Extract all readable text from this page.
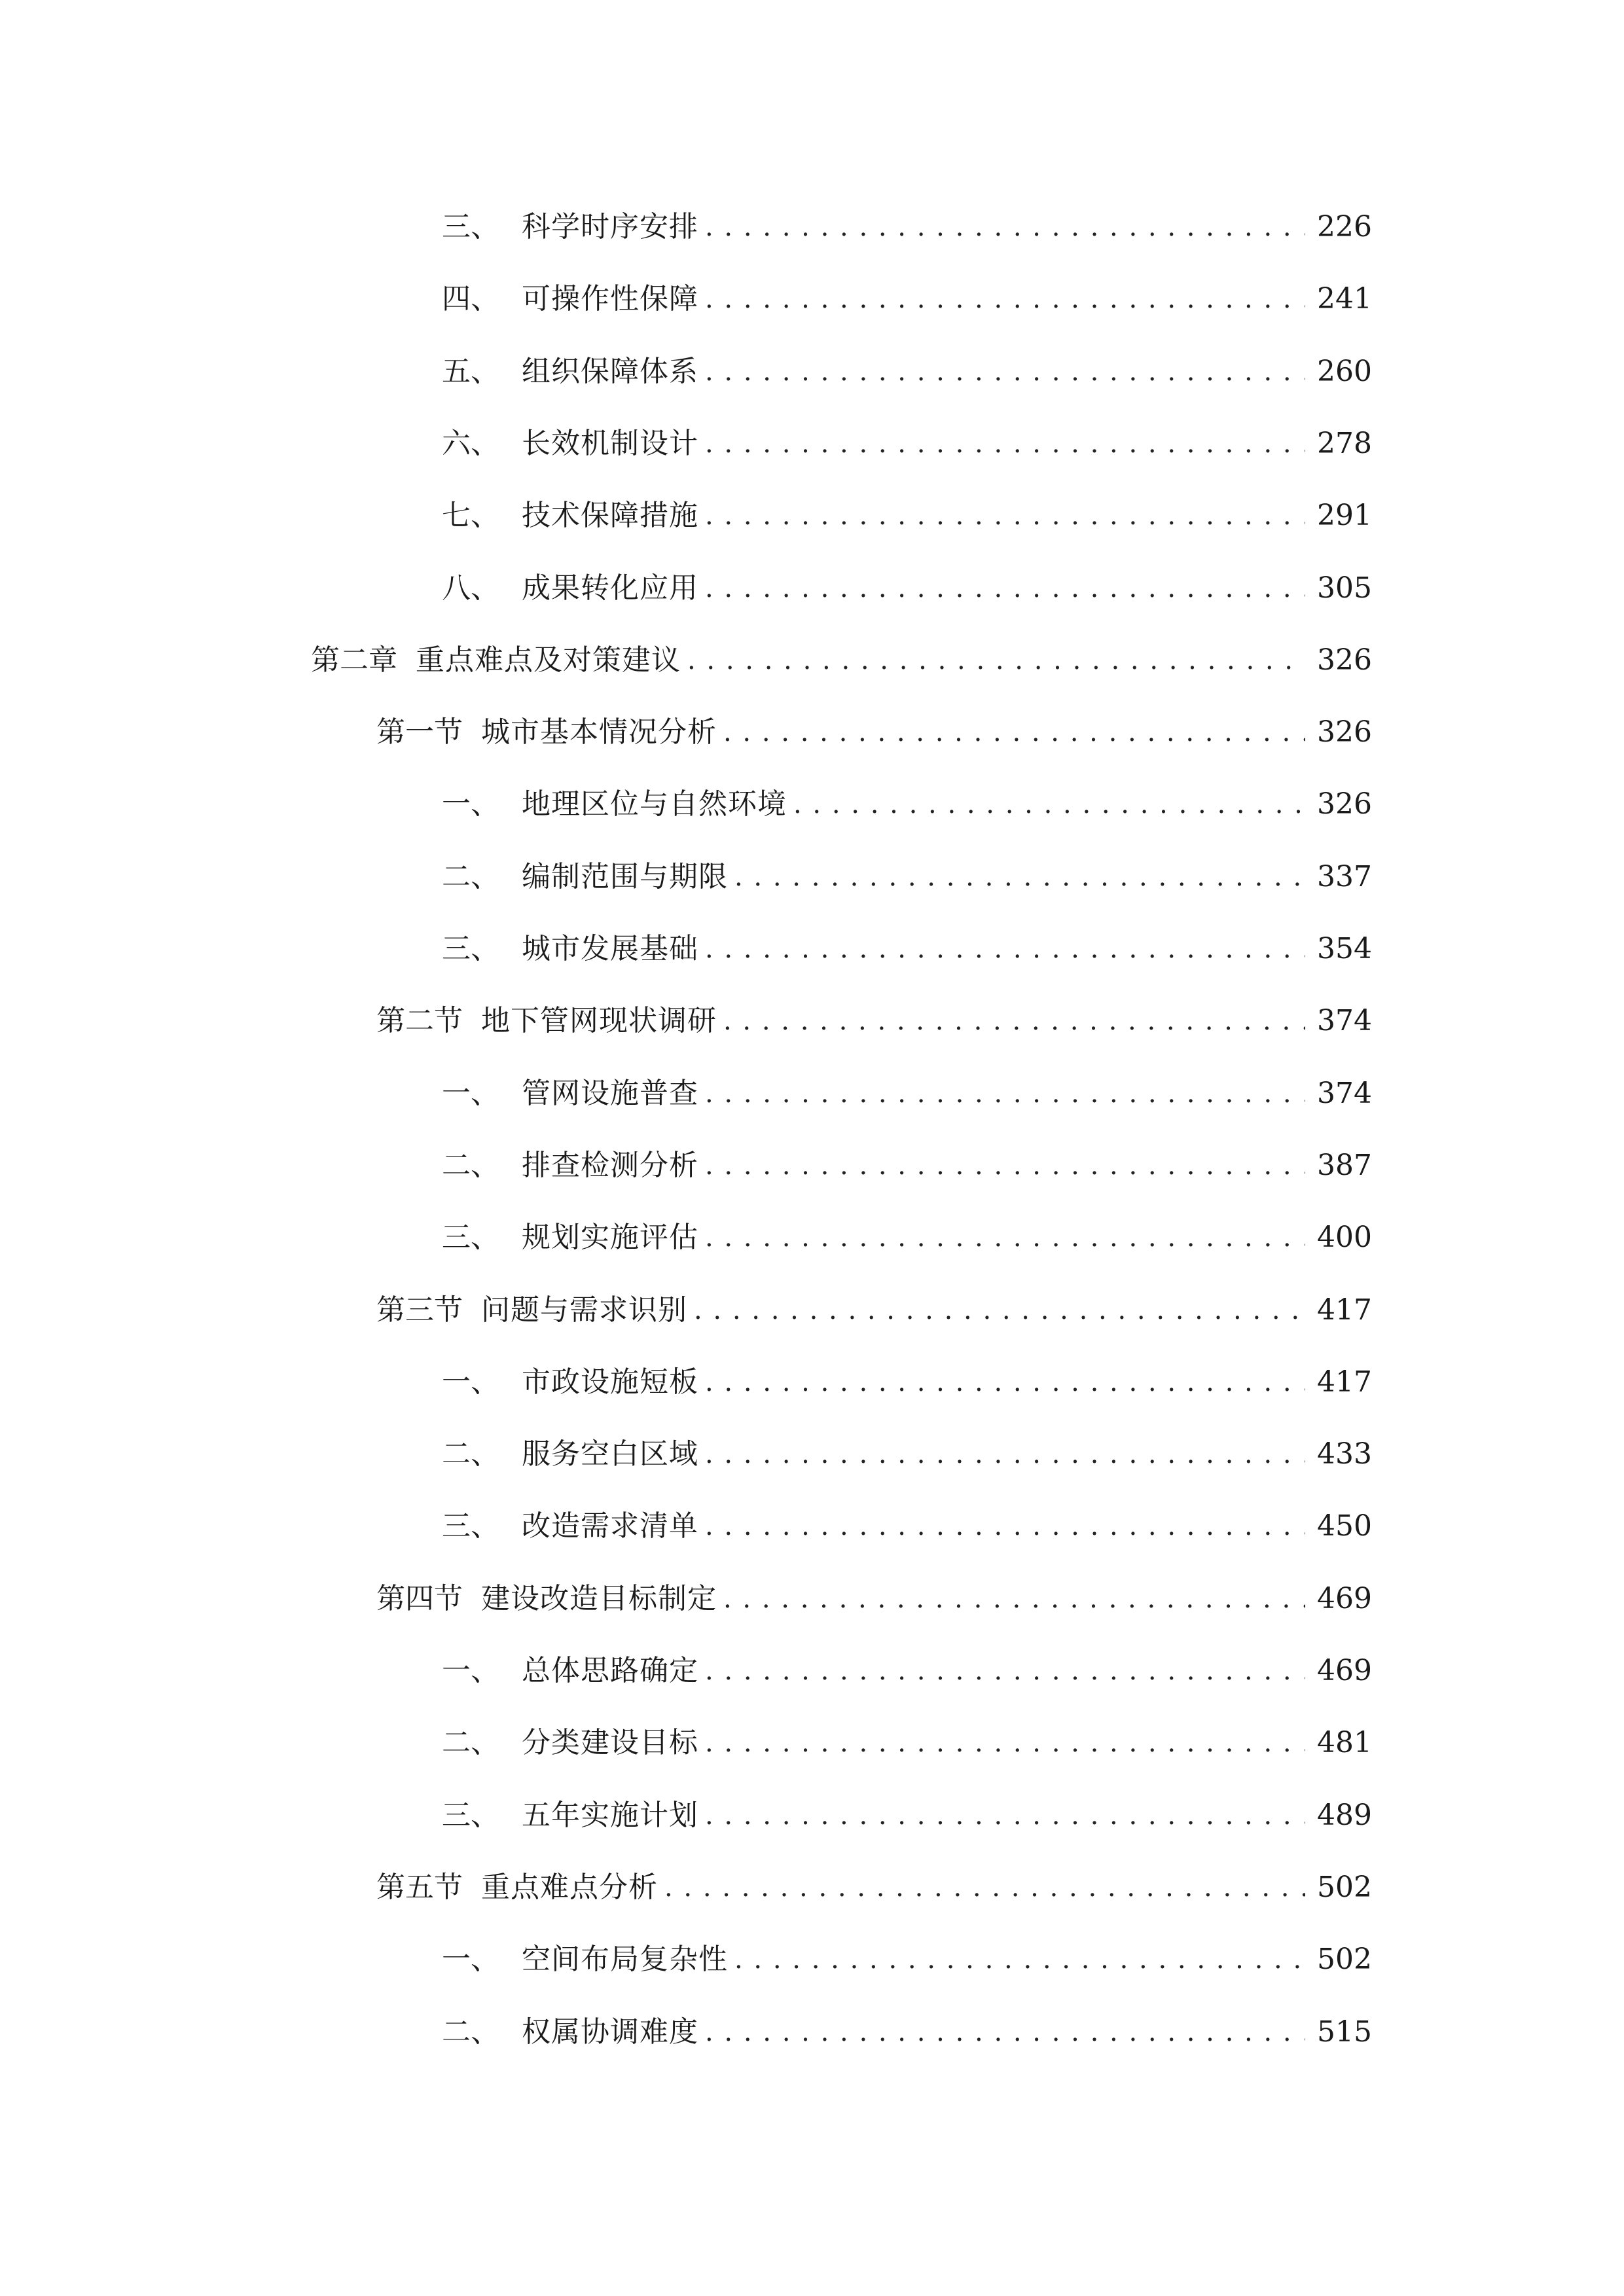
三、 科学时序安排 . . .	226
四、 可操作性保障 . . .	241
五、 组织保障体系 . . .	260
六、 长效机制设计 . . .	278
七、 技术保障措施 . . .	291
八、 成果转化应用 . . .	305
第二章 重点难点及对策建议 . . .	326
第一节 城市基本情况分析 . . .	326
一、 地理区位与自然环境 . . .	326
二、 编制范围与期限 . . .	337
三、 城市发展基础 . . .	354
第二节 地下管网现状调研 . . .	374
一、 管网设施普查 . . .	374
二、 排查检测分析 . . .	387
三、 规划实施评估 . . .	400
第三节 问题与需求识别 . . .	417
一、 市政设施短板 . . .	417
二、 服务空白区域 . . .	433
三、 改造需求清单 . . .	450
第四节 建设改造目标制定 . . .	469
一、 总体思路确定 . . .	469
二、 分类建设目标 . . .	481
三、 五年实施计划 . . .	489
第五节 重点难点分析 . . .	502
一、 空间布局复杂性 . . .	502
二、 权属协调难度 . . .	515
